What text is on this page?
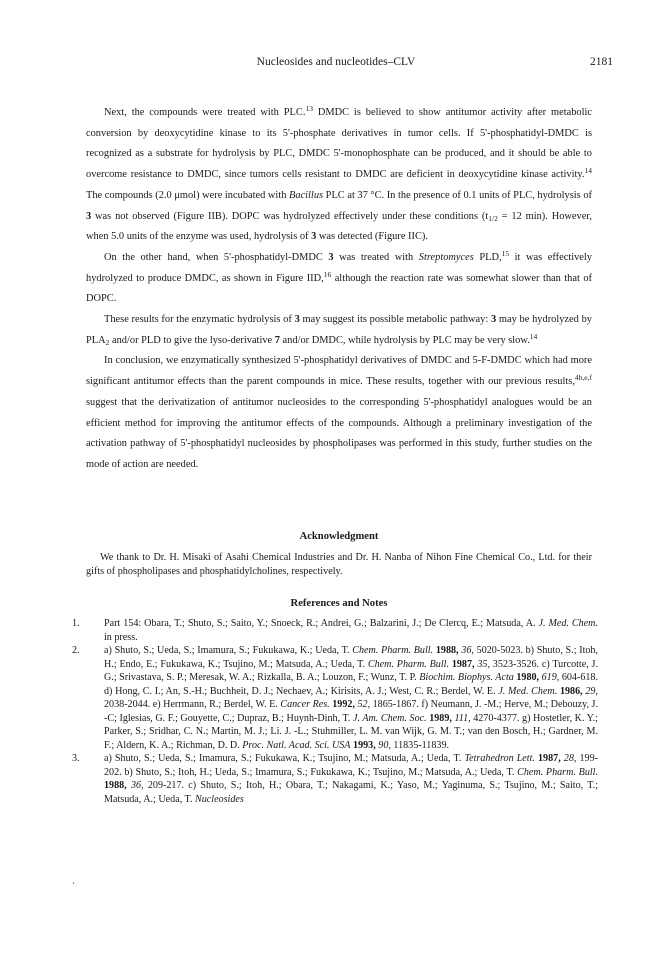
Nucleosides and nucleotides–CLV	2181

Next, the compounds were treated with PLC.$^{13}$ DMDC is believed to show antitumor activity after metabolic conversion by deoxycytidine kinase to its 5'-phosphate derivatives in tumor cells. If 5'-phosphatidyl-DMDC is recognized as a substrate for hydrolysis by PLC, DMDC 5'-monophosphate can be produced, and it should be able to overcome resistance to DMDC, since tumors cells resistant to DMDC are deficient in deoxycytidine kinase activity.$^{14}$ The compounds (2.0 μmol) were incubated with Bacillus PLC at 37 °C. In the presence of 0.1 units of PLC, hydrolysis of 3 was not observed (Figure IIB). DOPC was hydrolyzed effectively under these conditions ($t_{1/2} = 12$ min). However, when 5.0 units of the enzyme was used, hydrolysis of 3 was detected (Figure IIC).

On the other hand, when 5'-phosphatidyl-DMDC 3 was treated with Streptomyces PLD,$^{15}$ it was effectively hydrolyzed to produce DMDC, as shown in Figure IID,$^{16}$ although the reaction rate was somewhat slower than that of DOPC.

These results for the enzymatic hydrolysis of 3 may suggest its possible metabolic pathway: 3 may be hydrolyzed by $PLA_2$ and/or PLD to give the lyso-derivative 7 and/or DMDC, while hydrolysis by PLC may be very slow.$^{14}$

In conclusion, we enzymatically synthesized 5'-phosphatidyl derivatives of DMDC and 5-F-DMDC which had more significant antitumor effects than the parent compounds in mice. These results, together with our previous results,$^{4b,e,f}$ suggest that the derivatization of antitumor nucleosides to the corresponding 5'-phosphatidyl analogues would be an efficient method for improving the antitumor effects of the compounds. Although a preliminary investigation of the activation pathway of 5'-phosphatidyl nucleosides by phospholipases was performed in this study, further studies on the mode of action are needed.

Acknowledgment
We thank to Dr. H. Misaki of Asahi Chemical Industries and Dr. H. Nanba of Nihon Fine Chemical Co., Ltd. for their gifts of phospholipases and phosphatidylcholines, respectively.
References and Notes
1.	Part 154: Obara, T.; Shuto, S.; Saito, Y.; Snoeck, R.; Andrei, G.; Balzarini, J.; De Clercq, E.; Matsuda, A. J. Med. Chem. in press.
2.	a) Shuto, S.; Ueda, S.; Imamura, S.; Fukukawa, K.; Ueda, T. Chem. Pharm. Bull. 1988, 36, 5020-5023. b) Shuto, S.; Itoh, H.; Endo, E.; Fukukawa, K.; Tsujino, M.; Matsuda, A.; Ueda, T. Chem. Pharm. Bull. 1987, 35, 3523-3526. c) Turcotte, J. G.; Srivastava, S. P.; Meresak, W. A.; Rizkalla, B. A.; Louzon, F.; Wunz, T. P. Biochim. Biophys. Acta 1980, 619, 604-618. d) Hong, C. I.; An, S.-H.; Buchheit, D. J.; Nechaev, A.; Kirisits, A. J.; West, C. R.; Berdel, W. E. J. Med. Chem. 1986, 29, 2038-2044. e) Herrmann, R.; Berdel, W. E. Cancer Res. 1992, 52, 1865-1867. f) Neumann, J. -M.; Herve, M.; Debouzy, J. -C; Iglesias, G. F.; Gouyette, C.; Dupraz, B.; Huynh-Dinh, T. J. Am. Chem. Soc. 1989, 111, 4270-4377. g) Hostetler, K. Y.; Parker, S.; Sridhar, C. N.; Martin, M. J.; Li. J. -L.; Stuhmiller, L. M. van Wijk, G. M. T.; van den Bosch, H.; Gardner, M. F.; Aldern, K. A.; Richman, D. D. Proc. Natl. Acad. Sci. USA 1993, 90, 11835-11839.
3.	a) Shuto, S.; Ueda, S.; Imamura, S.; Fukukawa, K.; Tsujino, M.; Matsuda, A.; Ueda, T. Tetrahedron Lett. 1987, 28, 199-202. b) Shuto, S.; Itoh, H.; Ueda, S.; Imamura, S.; Fukukawa, K.; Tsujino, M.; Matsuda, A.; Ueda, T. Chem. Pharm. Bull. 1988, 36, 209-217. c) Shuto, S.; Itoh, H.; Obara, T.; Nakagami, K.; Yaso, M.; Yaginuma, S.; Tsujino, M.; Saito, T.; Matsuda, A.; Ueda, T. Nucleosides
·
